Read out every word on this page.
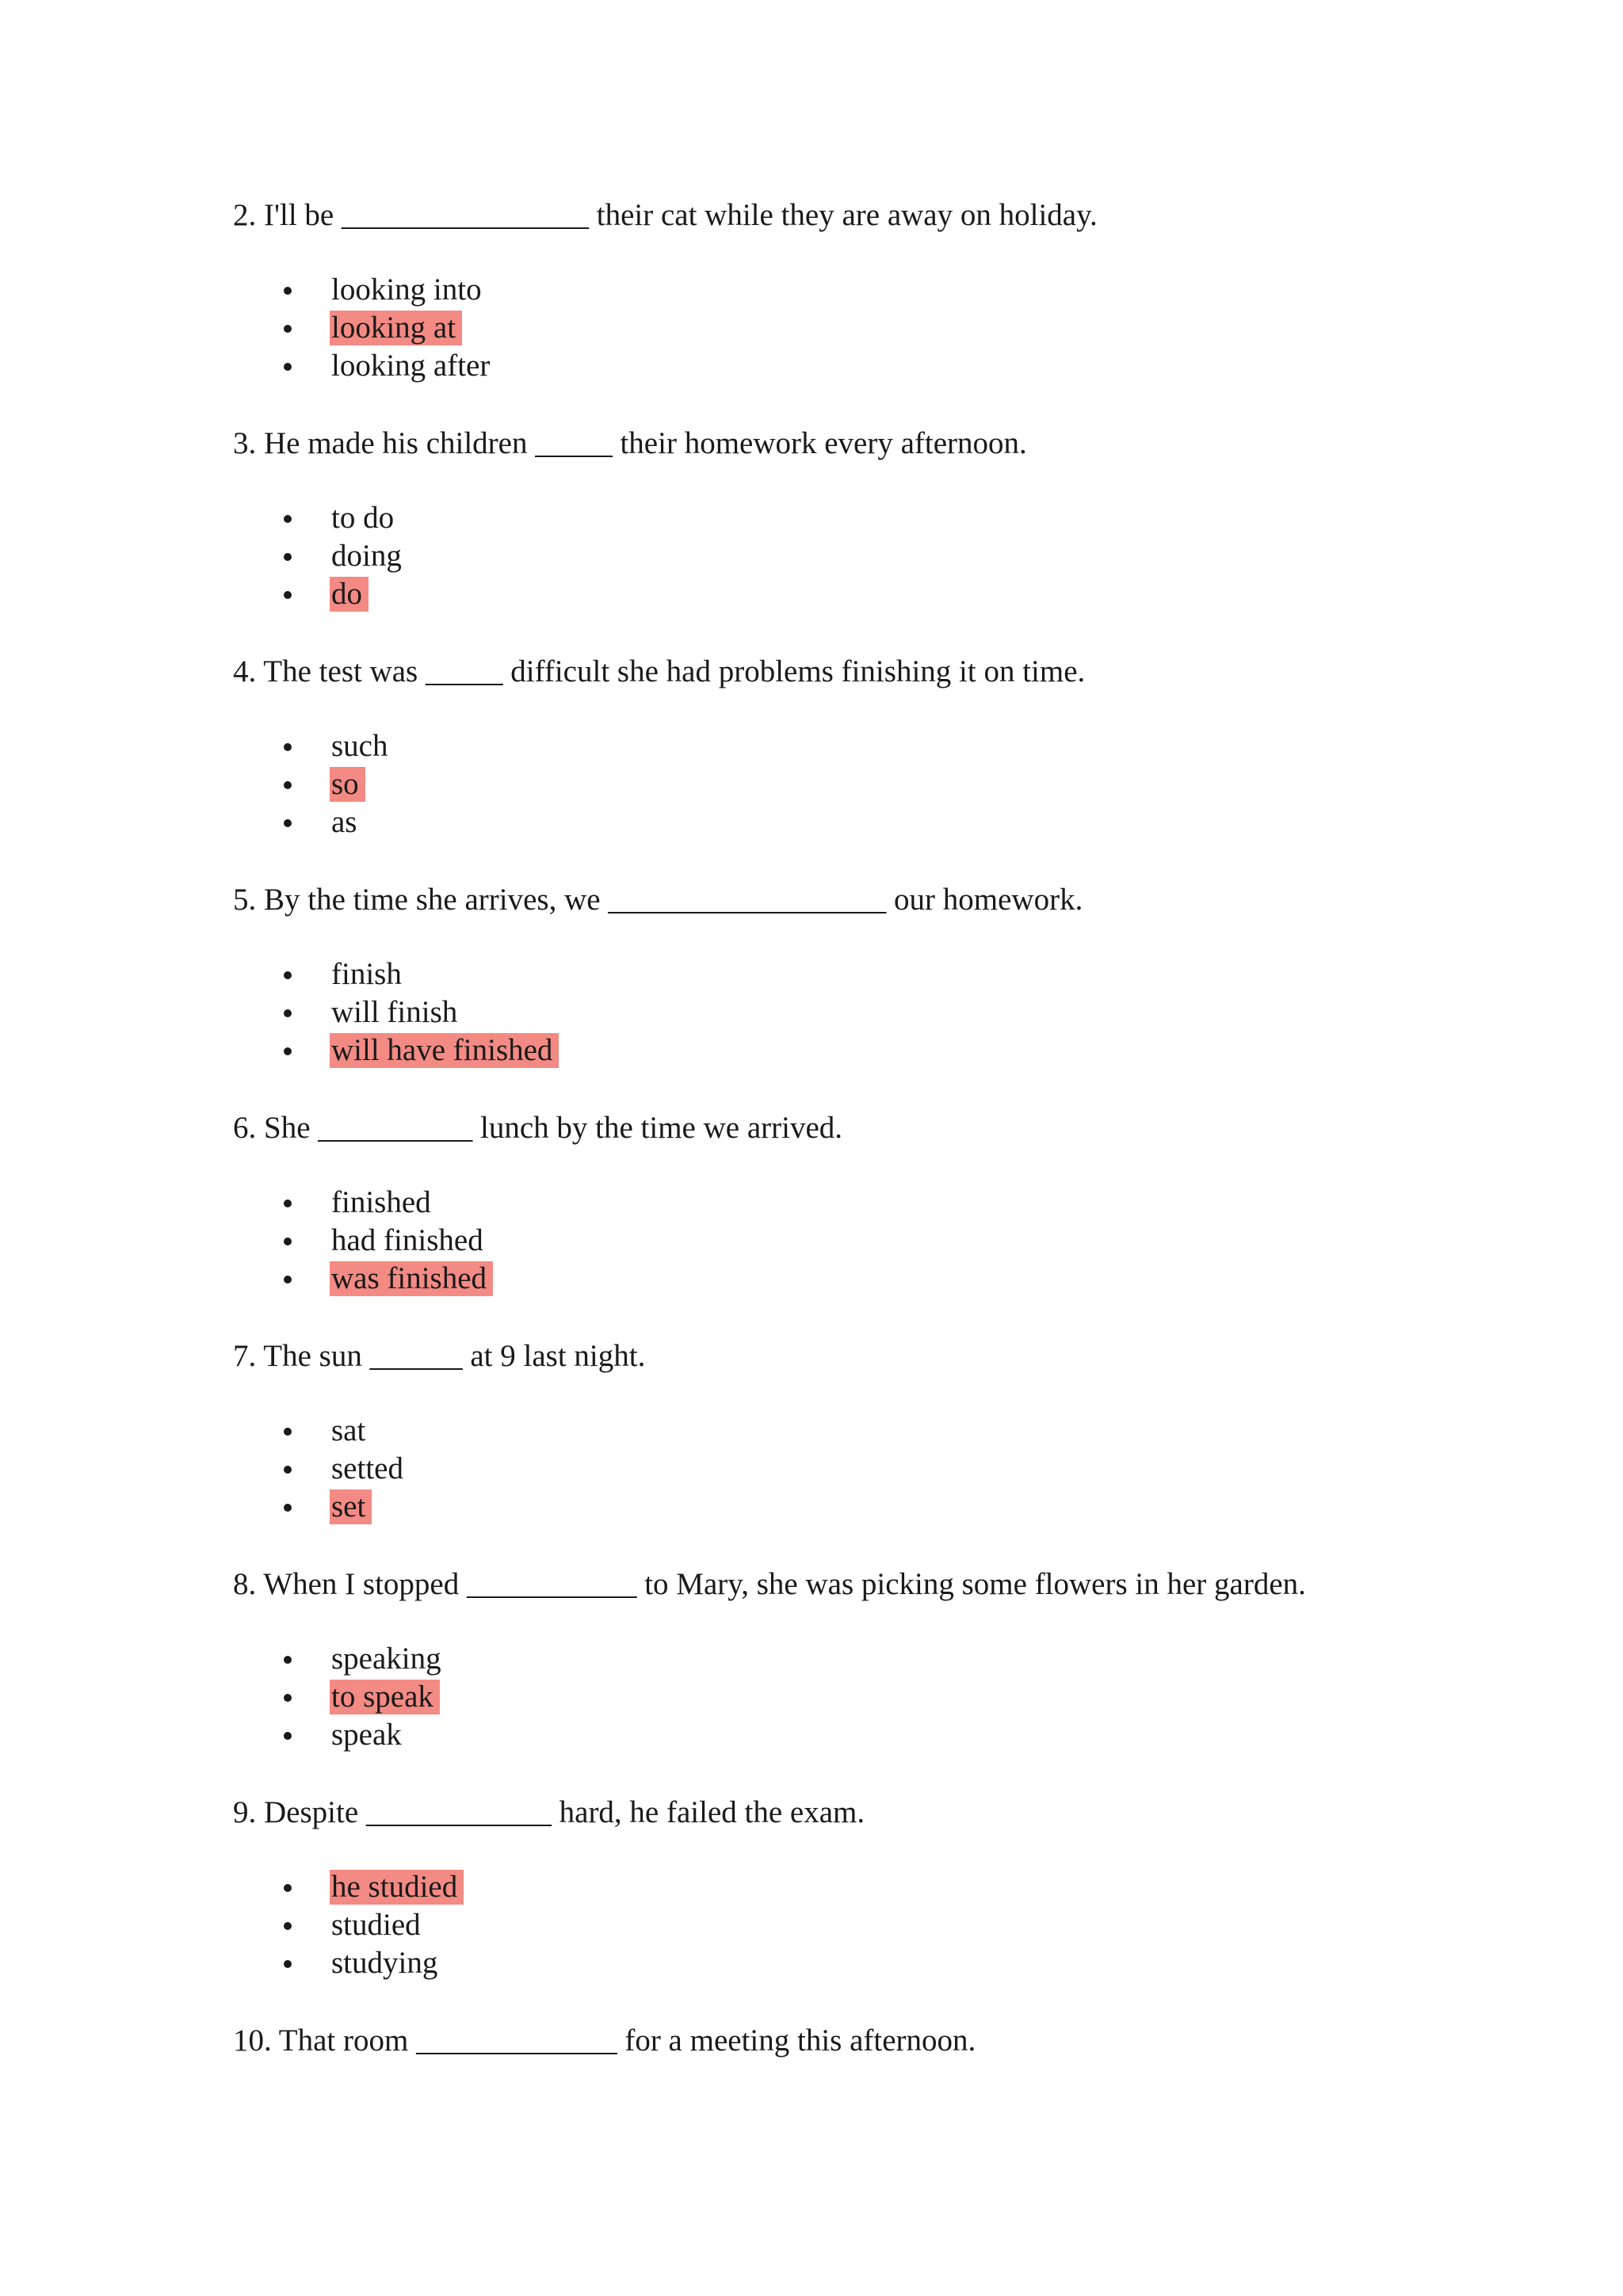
2. I'll be ________________ their cat while they are away on holiday.

looking into
looking at
looking after

3. He made his children _____ their homework every afternoon.

to do
doing
do

4. The test was _____ difficult she had problems finishing it on time.

such
so
as

5. By the time she arrives, we __________________ our homework.

finish
will finish
will have finished

6. She __________ lunch by the time we arrived.

finished
had finished
was finished

7. The sun ______ at 9 last night.

sat
setted
set

8. When I stopped ___________ to Mary, she was picking some flowers in her garden.

speaking
to speak
speak

9. Despite ____________ hard, he failed the exam.

he studied
studied
studying

10. That room _____________ for a meeting this afternoon.
